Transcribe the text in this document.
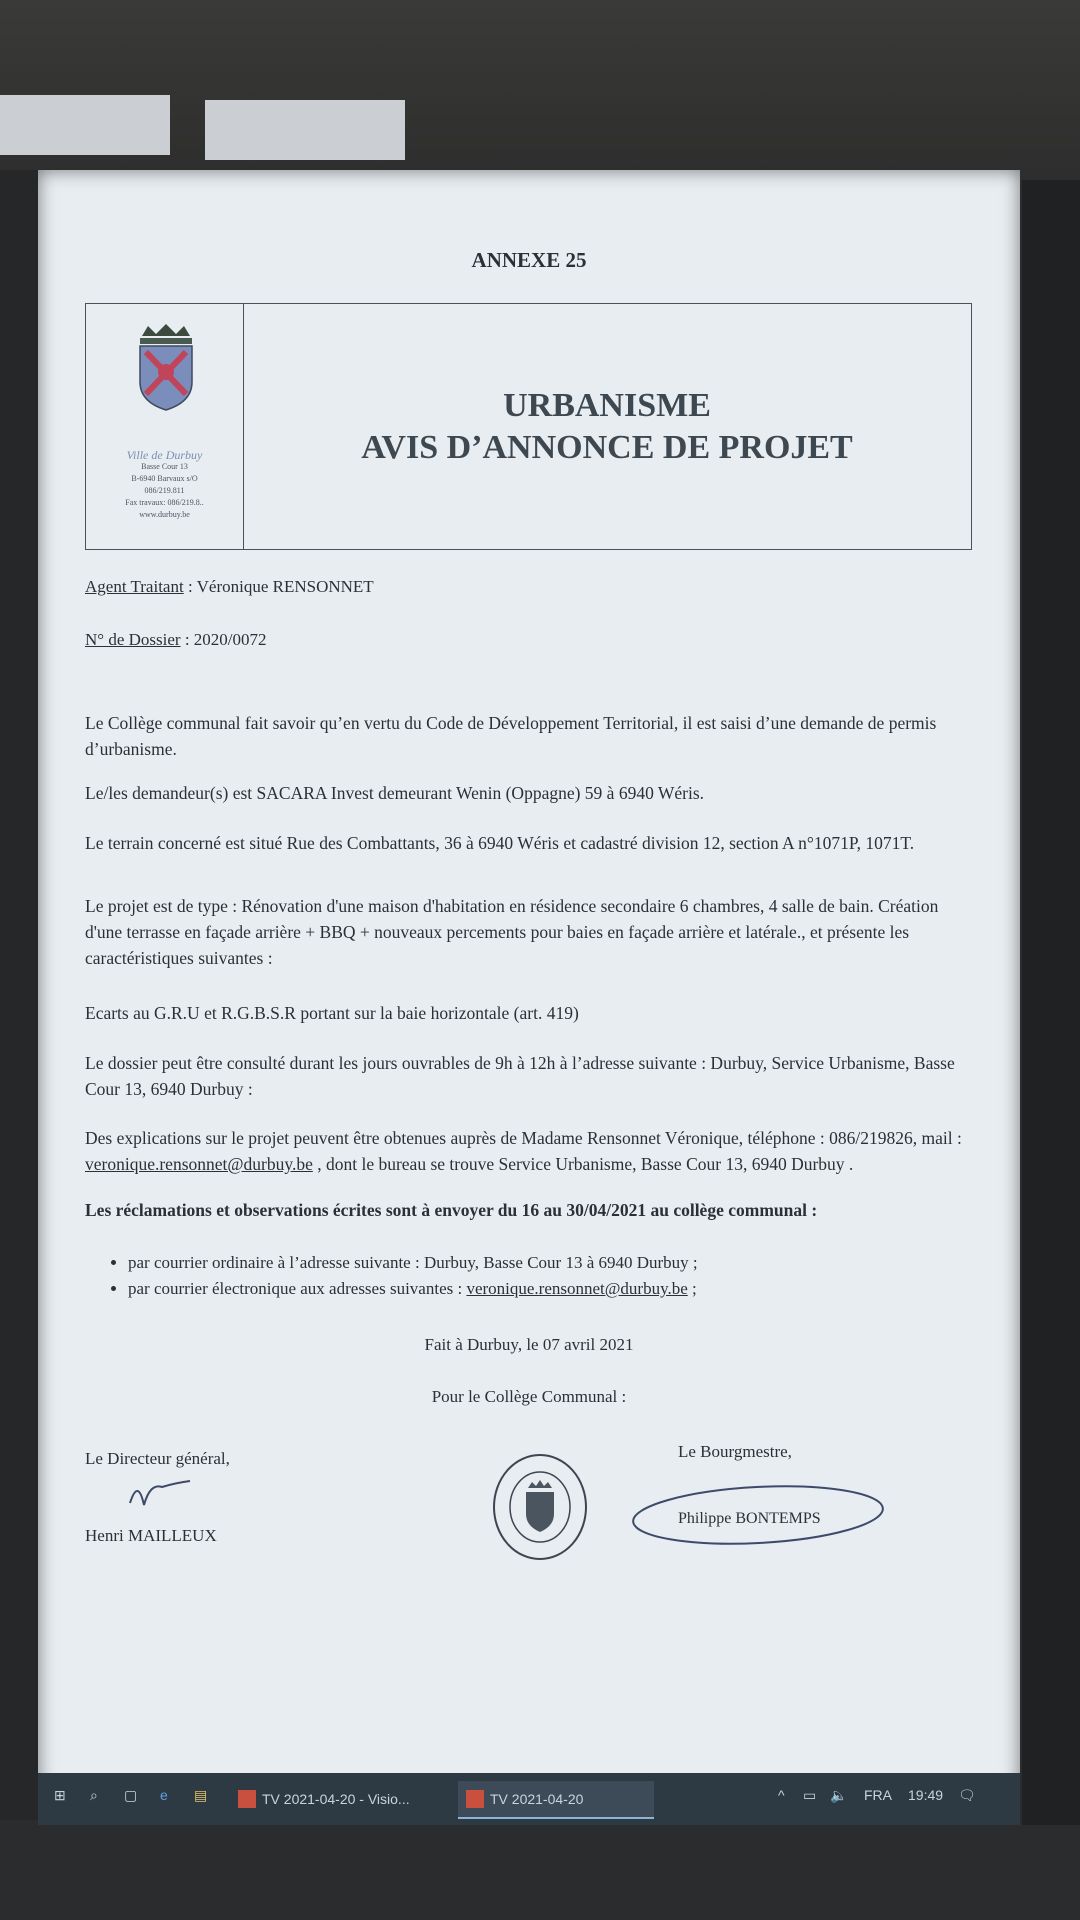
ANNEXE 25
Ville de Durbuy
Basse Cour 13
B-6940 Barvaux s/O
086/219.811
Fax travaux: 086/219.8..
www.durbuy.be
URBANISME
AVIS D’ANNONCE DE PROJET
Agent Traitant : Véronique RENSONNET
N° de Dossier : 2020/0072
Le Collège communal fait savoir qu’en vertu du Code de Développement Territorial, il est saisi d’une demande de permis d’urbanisme.
Le/les demandeur(s) est SACARA Invest demeurant Wenin (Oppagne) 59 à 6940 Wéris.
Le terrain concerné est situé Rue des Combattants, 36 à 6940 Wéris et cadastré division 12, section A n°1071P, 1071T.
Le projet est de type : Rénovation d'une maison d'habitation en résidence secondaire 6 chambres, 4 salle de bain. Création d'une terrasse en façade arrière + BBQ + nouveaux percements pour baies en façade arrière et latérale., et présente les caractéristiques suivantes :
Ecarts au G.R.U et R.G.B.S.R portant sur la baie horizontale (art. 419)
Le dossier peut être consulté durant les jours ouvrables de 9h à 12h à l’adresse suivante : Durbuy, Service Urbanisme, Basse Cour 13, 6940 Durbuy :
Des explications sur le projet peuvent être obtenues auprès de Madame Rensonnet Véronique, téléphone : 086/219826, mail : veronique.rensonnet@durbuy.be , dont le bureau se trouve Service Urbanisme, Basse Cour 13, 6940 Durbuy .
Les réclamations et observations écrites sont à envoyer du 16 au 30/04/2021 au collège communal :
• par courrier ordinaire à l’adresse suivante : Durbuy, Basse Cour 13 à 6940 Durbuy ;
• par courrier électronique aux adresses suivantes : veronique.rensonnet@durbuy.be ;
Fait à Durbuy, le 07 avril 2021
Pour le Collège Communal :
Le Directeur général,
Henri MAILLEUX
Le Bourgmestre,
Philippe BONTEMPS
⊞ ⌕ ▢ e ▤	TV 2021-04-20 - Visio...	TV 2021-04-20	^ ▭ 🔈 FRA 19:49 🗨
